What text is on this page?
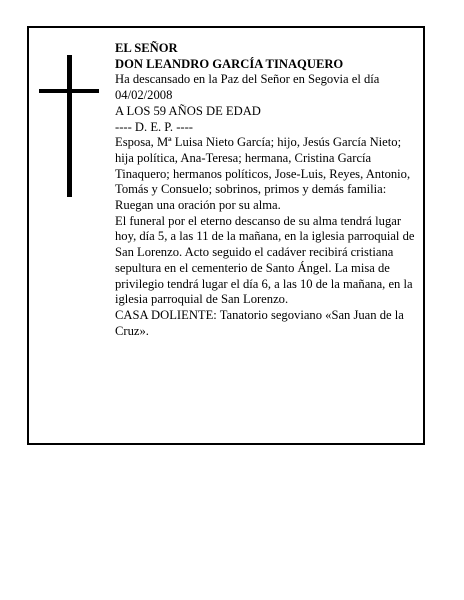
EL SEÑOR

DON LEANDRO GARCÍA TINAQUERO

Ha descansado en la Paz del Señor en Segovia el día 04/02/2008

A LOS 59 AÑOS DE EDAD

---- D. E. P. ----

Esposa, Mª Luisa Nieto García; hijo, Jesús García Nieto; hija política, Ana-Teresa; hermana, Cristina García Tinaquero; hermanos políticos, Jose-Luis, Reyes, Antonio, Tomás y Consuelo; sobrinos, primos y demás familia:

Ruegan una oración por su alma.

El funeral por el eterno descanso de su alma tendrá lugar hoy, día 5, a las 11 de la mañana, en la iglesia parroquial de San Lorenzo. Acto seguido el cadáver recibirá cristiana sepultura en el cementerio de Santo Ángel. La misa de privilegio tendrá lugar el día 6, a las 10 de la mañana, en la iglesia parroquial de San Lorenzo.

CASA DOLIENTE: Tanatorio segoviano «San Juan de la Cruz».
